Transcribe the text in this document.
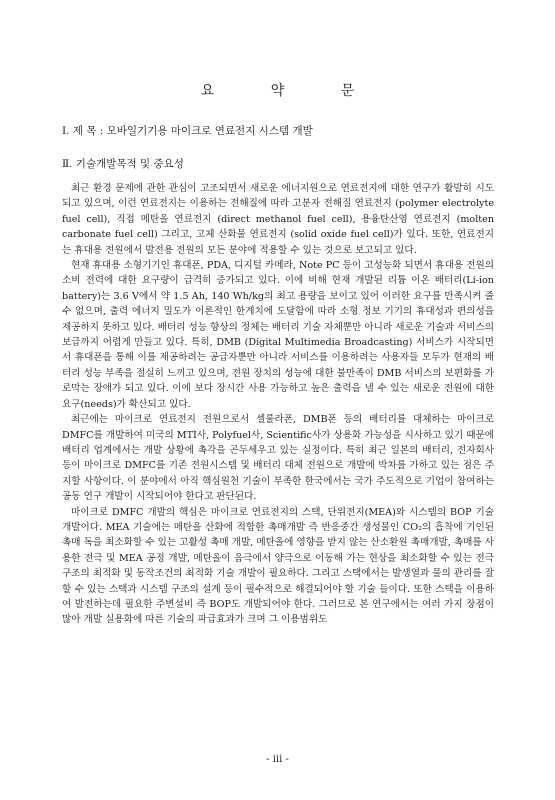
요 약 문
Ⅰ. 제 목 : 모바일기기용 마이크로 연료전지 시스템 개발
Ⅱ. 기술개발목적 및 중요성

최근 환경 문제에 관한 관심이 고조되면서 새로운 에너지원으로 연료전지에 대한 연구가 활발히 시도되고 있으며, 이런 연료전지는 이용하는 전해질에 따라 고분자 전해질 연료전지 (polymer electrolyte fuel cell), 직접 메탄올 연료전지 (direct methanol fuel cell), 용융탄산염 연료전지 (molten carbonate fuel cell) 그리고, 고체 산화물 연료전지 (solid oxide fuel cell)가 있다. 또한, 연료전지는 휴대용 전원에서 발전용 전원의 모든 분야에 적용할 수 있는 것으로 보고되고 있다.

현재 휴대용 소형기기인 휴대폰, PDA, 디지털 카메라, Note PC 등이 고성능화 되면서 휴대용 전원의 소비 전력에 대한 요구량이 급격히 증가되고 있다. 이에 비해 현재 개발된 리튬 이온 배터리(Li-ion battery)는 3.6 V에서 약 1.5 Ah, 140 Wh/kg의 최고 용량을 보이고 있어 이러한 요구를 만족시켜 줄 수 없으며, 출력 에너지 밀도가 이론적인 한계치에 도달함에 따라 소형 정보 기기의 휴대성과 편의성을 제공하지 못하고 있다. 배터리 성능 향상의 정체는 배터리 기술 자체뿐만 아니라 새로운 기술과 서비스의 보급까지 어렵게 만들고 있다. 특히, DMB (Digital Multimedia Broadcasting) 서비스가 시작되면서 휴대폰을 통해 이를 제공하려는 공급자뿐만 아니라 서비스를 이용하려는 사용자들 모두가 현재의 배터리 성능 부족을 절실히 느끼고 있으며, 전원 장치의 성능에 대한 불만족이 DMB 서비스의 보편화를 가로막는 장애가 되고 있다. 이에 보다 장시간 사용 가능하고 높은 출력을 낼 수 있는 새로운 전원에 대한 요구(needs)가 확산되고 있다.

최근에는 마이크로 연료전지 전원으로서 셀룰라폰, DMB폰 등의 배터리를 대체하는 마이크로 DMFC를 개발하여 미국의 MTI사, Polyfuel사, Scientific사가 상용화 가능성을 시사하고 있기 때문에 배터리 업계에서는 개발 상황에 촉각을 곤두세우고 있는 실정이다. 특히 최근 일본의 배터리, 전자회사 등이 마이크로 DMFC를 기존 전원시스템 및 배터리 대체 전원으로 개발에 박차를 가하고 있는 점은 주지할 사항이다. 이 분야에서 아직 핵심원천 기술이 부족한 한국에서는 국가 주도적으로 기업이 참여하는 공동 연구 개발이 시작되어야 한다고 판단된다.

마이크로 DMFC 개발의 핵심은 마이크로 연료전지의 스택, 단위전지(MEA)와 시스템의 BOP 기술 개발이다. MEA 기술에는 메탄올 산화에 적합한 촉매개발 즉 반응중간 생성물인 CO₂의 흡착에 기인된 촉매 독을 최소화할 수 있는 고활성 촉매 개발, 메탄올에 영향을 받지 않는 산소환원 촉매개발, 촉매를 사용한 전극 및 MEA 공정 개발, 메탄올이 음극에서 양극으로 이동해 가는 현상을 최소화할 수 있는 전극 구조의 최적화 및 동작조건의 최적화 기술 개발이 필요하다. 그리고 스택에서는 발생열과 물의 관리를 잘할 수 있는 스택과 시스템 구조의 설계 등이 필수적으로 해결되어야 할 기술 들이다. 또한 스택을 이용하여 발전하는데 필요한 주변설비 즉 BOP도 개발되어야 한다. 그러므로 본 연구에서는 여러 가지 장점이 많아 개발 실용화에 따른 기술의 파급효과가 크며 그 이용범위도

- iii -
